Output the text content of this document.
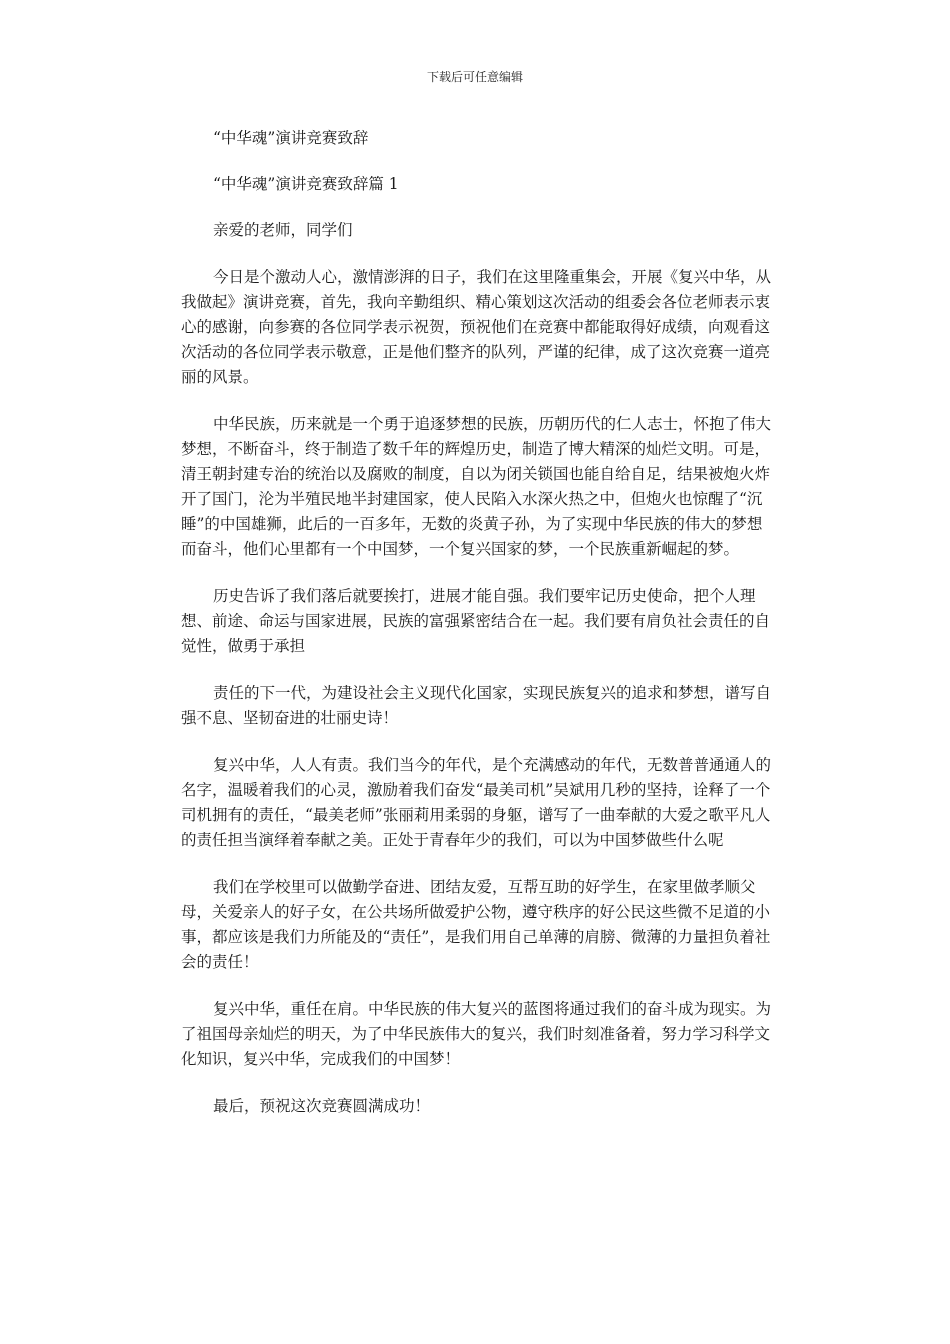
下载后可任意编辑

“中华魂”演讲竞赛致辞

“中华魂”演讲竞赛致辞篇 1

亲爱的老师，同学们

今日是个激动人心，激情澎湃的日子，我们在这里隆重集会，开展《复兴中华，从我做起》演讲竞赛，首先，我向辛勤组织、精心策划这次活动的组委会各位老师表示衷心的感谢，向参赛的各位同学表示祝贺，预祝他们在竞赛中都能取得好成绩，向观看这次活动的各位同学表示敬意，正是他们整齐的队列，严谨的纪律，成了这次竞赛一道亮丽的风景。

中华民族，历来就是一个勇于追逐梦想的民族，历朝历代的仁人志士，怀抱了伟大梦想，不断奋斗，终于制造了数千年的辉煌历史，制造了博大精深的灿烂文明。可是，清王朝封建专治的统治以及腐败的制度，自以为闭关锁国也能自给自足，结果被炮火炸开了国门，沦为半殖民地半封建国家，使人民陷入水深火热之中，但炮火也惊醒了“沉睡”的中国雄狮，此后的一百多年，无数的炎黄子孙，为了实现中华民族的伟大的梦想而奋斗，他们心里都有一个中国梦，一个复兴国家的梦，一个民族重新崛起的梦。

历史告诉了我们落后就要挨打，进展才能自强。我们要牢记历史使命，把个人理想、前途、命运与国家进展，民族的富强紧密结合在一起。我们要有肩负社会责任的自觉性，做勇于承担

责任的下一代，为建设社会主义现代化国家，实现民族复兴的追求和梦想，谱写自强不息、坚韧奋进的壮丽史诗！

复兴中华，人人有责。我们当今的年代，是个充满感动的年代，无数普普通通人的名字，温暖着我们的心灵，激励着我们奋发“最美司机”吴斌用几秒的坚持，诠释了一个司机拥有的责任，“最美老师”张丽莉用柔弱的身躯，谱写了一曲奉献的大爱之歌平凡人的责任担当演绎着奉献之美。正处于青春年少的我们，可以为中国梦做些什么呢

我们在学校里可以做勤学奋进、团结友爱，互帮互助的好学生，在家里做孝顺父母，关爱亲人的好子女，在公共场所做爱护公物，遵守秩序的好公民这些微不足道的小事，都应该是我们力所能及的“责任”，是我们用自己单薄的肩膀、微薄的力量担负着社会的责任！

复兴中华，重任在肩。中华民族的伟大复兴的蓝图将通过我们的奋斗成为现实。为了祖国母亲灿烂的明天，为了中华民族伟大的复兴，我们时刻准备着，努力学习科学文化知识，复兴中华，完成我们的中国梦！

最后，预祝这次竞赛圆满成功！
